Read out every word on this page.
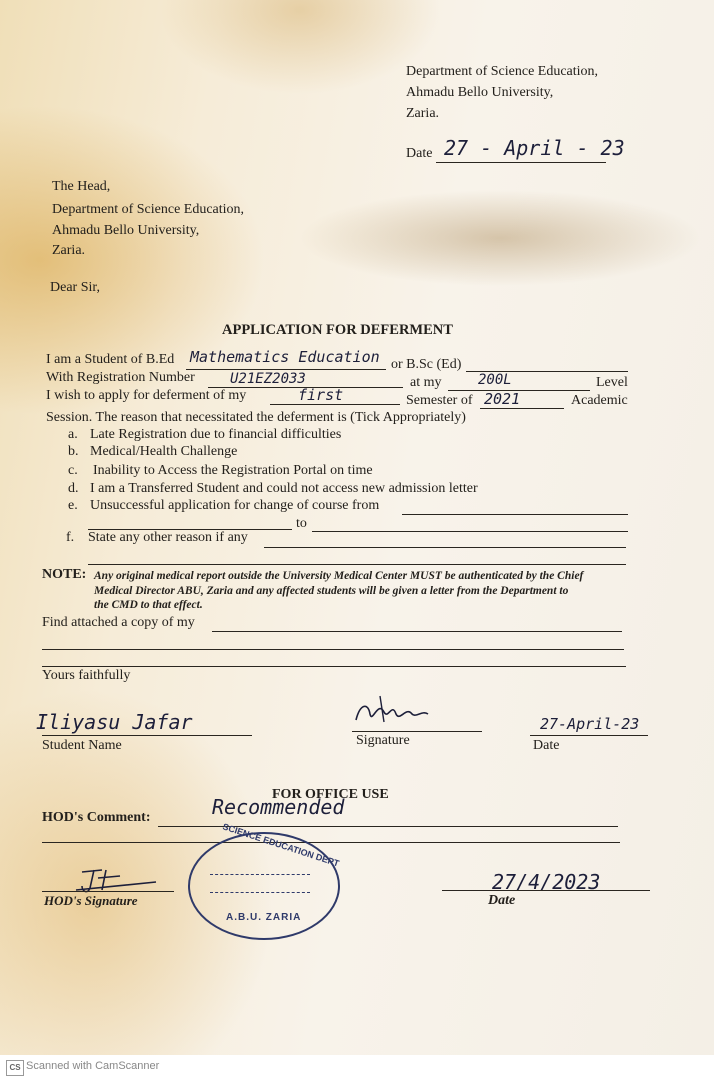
Department of Science Education,
Ahmadu Bello University,
Zaria.
Date 27 - April - 23
The Head,
Department of Science Education,
Ahmadu Bello University,
Zaria.
Dear Sir,
APPLICATION FOR DEFERMENT
I am a Student of B.Ed Mathematics Education or B.Sc (Ed)
With Registration Number	U21EZ2033	at my	200L	Level
I wish to apply for deferment of my	first	Semester of 2021	Academic
Session. The reason that necessitated the deferment is (Tick Appropriately)
a. Late Registration due to financial difficulties
b. Medical/Health Challenge
c. Inability to Access the Registration Portal on time
d. I am a Transferred Student and could not access new admission letter
e. Unsuccessful application for change of course from
to
f. State any other reason if any
NOTE: Any original medical report outside the University Medical Center MUST be authenticated by the Chief
Medical Director ABU, Zaria and any affected students will be given a letter from the Department to
the CMD to that effect.
Find attached a copy of my
Yours faithfully
Iliyasu Jafar
Student Name	Signature
27-April-23
Date
FOR OFFICE USE
HOD's Comment:	Recommended
HOD's Signature
SCIENCE EDUCATION DEPT
A.B.U. ZARIA
27/4/2023
Date
CS Scanned with CamScanner
